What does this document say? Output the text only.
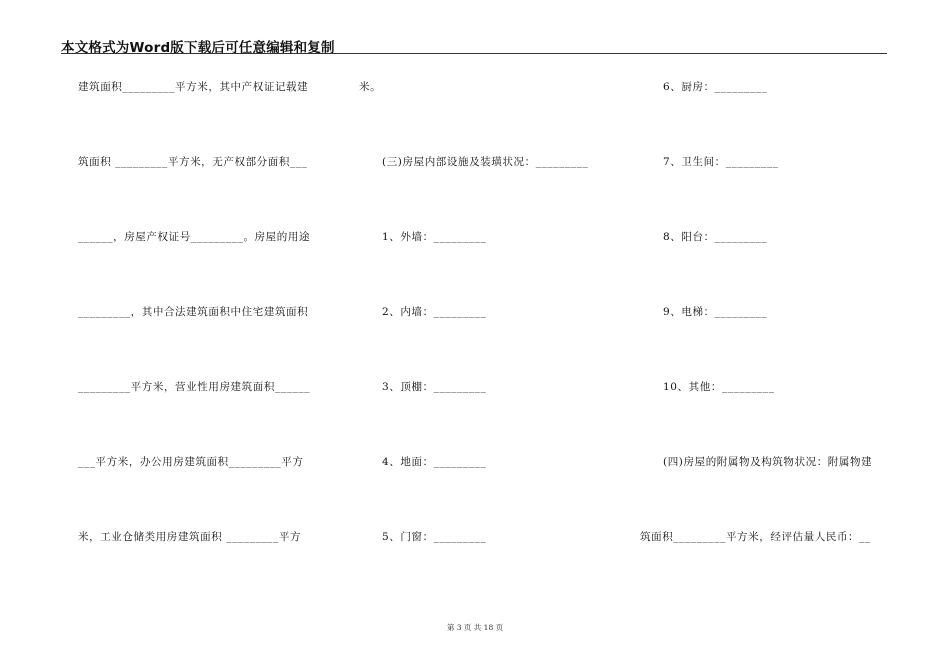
本文格式为Word版下载后可任意编辑和复制
建筑面积_________平方米，其中产权证记载建	米。
筑面积 _________平方米，无产权部分面积___
______，房屋产权证号_________。房屋的用途
_________，其中合法建筑面积中住宅建筑面积
_________平方米，营业性用房建筑面积______
___平方米，办公用房建筑面积_________平方
米，工业仓储类用房建筑面积 _________平方
(三)房屋内部设施及装璜状况：_________
1、外墙：_________
2、内墙：_________
3、顶棚：_________
4、地面：_________
5、门窗：_________
6、厨房：_________
7、卫生间：_________
8、阳台：_________
9、电梯：_________
10、其他：_________
(四)房屋的附属物及构筑物状况：附属物建
筑面积_________平方米，经评估量人民币：__
第 3 页 共 18 页
